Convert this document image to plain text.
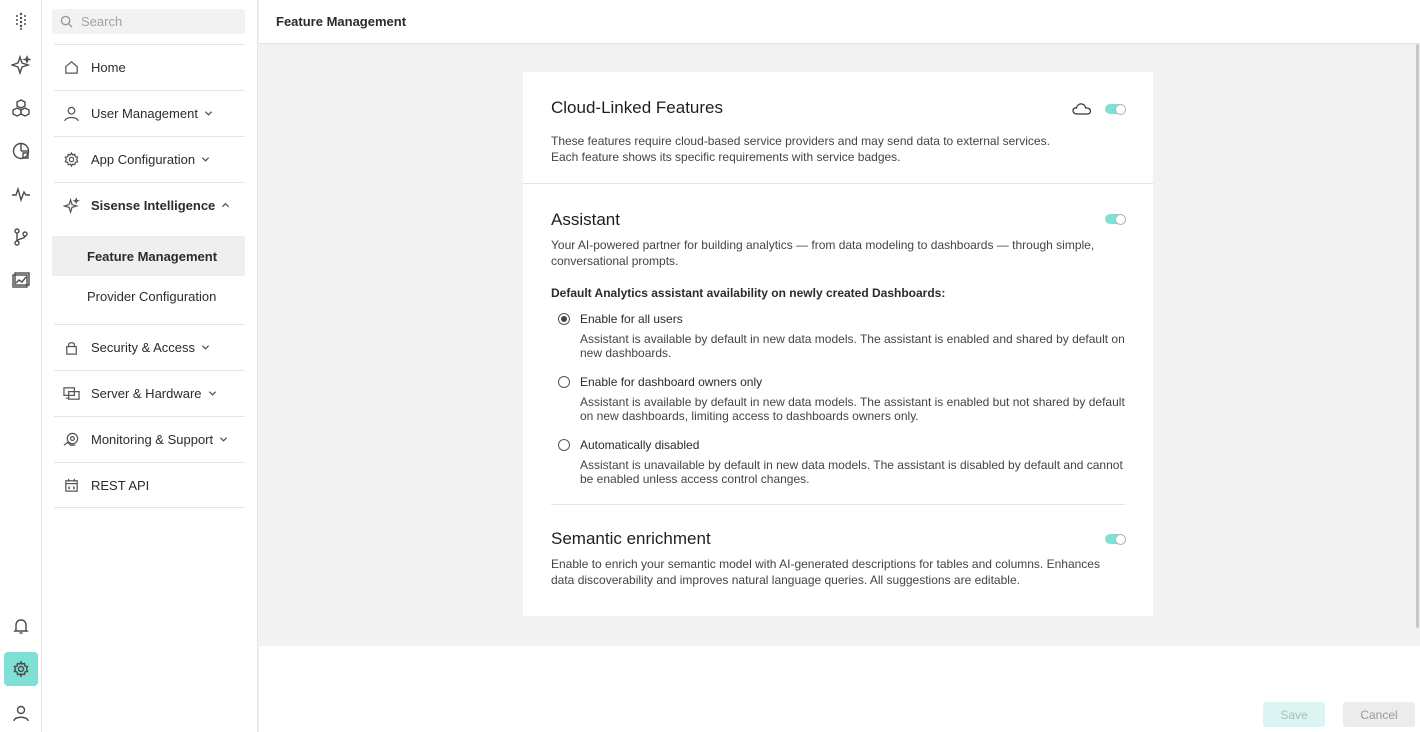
Search
Home
User Management
App Configuration
Sisense Intelligence
Feature Management
Provider Configuration
Security & Access
Server & Hardware
Monitoring & Support
REST API
Feature Management
Cloud-Linked Features
These features require cloud-based service providers and may send data to external services.
Each feature shows its specific requirements with service badges.
Assistant
Your AI-powered partner for building analytics — from data modeling to dashboards — through simple, conversational prompts.
Default Analytics assistant availability on newly created Dashboards:
Enable for all users
Assistant is available by default in new data models. The assistant is enabled and shared by default on new dashboards.
Enable for dashboard owners only
Assistant is available by default in new data models. The assistant is enabled but not shared by default on new dashboards, limiting access to dashboards owners only.
Automatically disabled
Assistant is unavailable by default in new data models. The assistant is disabled by default and cannot be enabled unless access control changes.
Semantic enrichment
Enable to enrich your semantic model with AI-generated descriptions for tables and columns. Enhances data discoverability and improves natural language queries. All suggestions are editable.
Save	Cancel
